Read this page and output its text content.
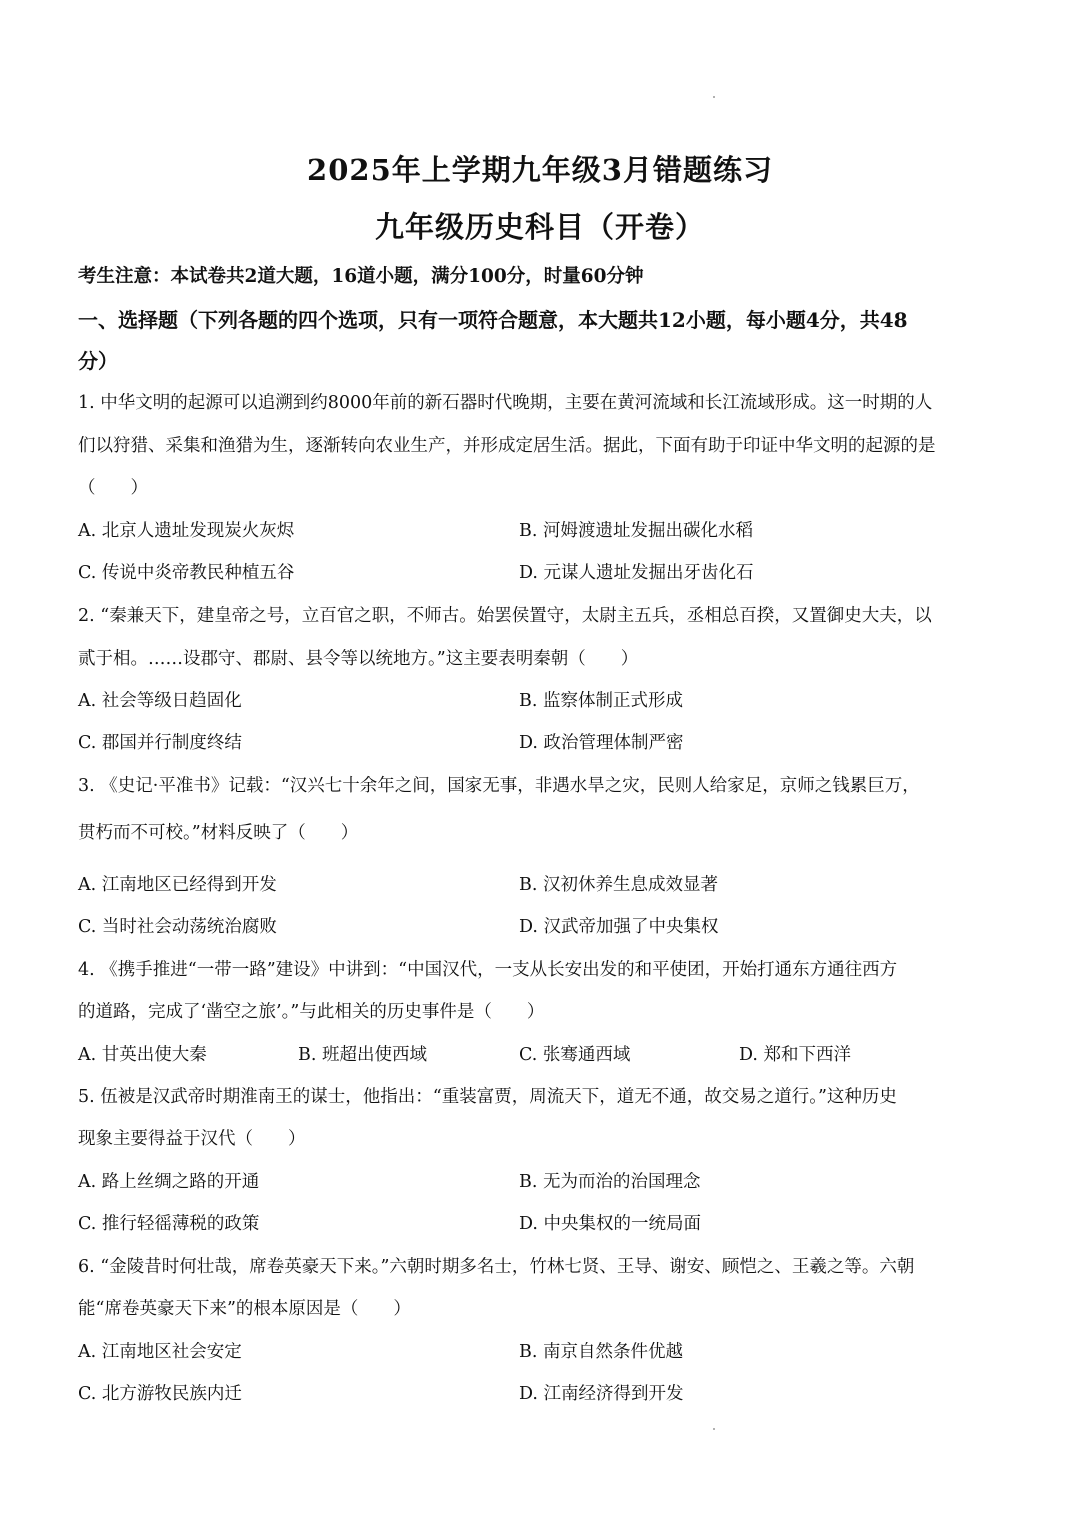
2025年上学期九年级3月错题练习
九年级历史科目（开卷）
考生注意：本试卷共2道大题，16道小题，满分100分，时量60分钟
一、选择题（下列各题的四个选项，只有一项符合题意，本大题共12小题，每小题4分，共48
分）
1. 中华文明的起源可以追溯到约8000年前的新石器时代晚期，主要在黄河流域和长江流域形成。这一时期的人
们以狩猎、采集和渔猎为生，逐渐转向农业生产，并形成定居生活。据此，下面有助于印证中华文明的起源的是
（　　）
A. 北京人遗址发现炭火灰烬	B. 河姆渡遗址发掘出碳化水稻
C. 传说中炎帝教民种植五谷	D. 元谋人遗址发掘出牙齿化石
2. “秦兼天下，建皇帝之号，立百官之职，不师古。始罢侯置守，太尉主五兵，丞相总百揆，又置御史大夫，以
贰于相。……设郡守、郡尉、县令等以统地方。”这主要表明秦朝（　　）
A. 社会等级日趋固化	B. 监察体制正式形成
C. 郡国并行制度终结	D. 政治管理体制严密
3. 《史记·平准书》记载：“汉兴七十余年之间，国家无事，非遇水旱之灾，民则人给家足，京师之钱累巨万，
贯朽而不可校。”材料反映了（　　）
A. 江南地区已经得到开发	B. 汉初休养生息成效显著
C. 当时社会动荡统治腐败	D. 汉武帝加强了中央集权
4. 《携手推进“一带一路”建设》中讲到：“中国汉代，一支从长安出发的和平使团，开始打通东方通往西方
的道路，完成了‘凿空之旅’。”与此相关的历史事件是（　　）
A. 甘英出使大秦	B. 班超出使西域	C. 张骞通西域	D. 郑和下西洋
5. 伍被是汉武帝时期淮南王的谋士，他指出：“重装富贾，周流天下，道无不通，故交易之道行。”这种历史
现象主要得益于汉代（　　）
A. 路上丝绸之路的开通	B. 无为而治的治国理念
C. 推行轻徭薄税的政策	D. 中央集权的一统局面
6. “金陵昔时何壮哉，席卷英豪天下来。”六朝时期多名士，竹林七贤、王导、谢安、顾恺之、王羲之等。六朝
能“席卷英豪天下来”的根本原因是（　　）
A. 江南地区社会安定	B. 南京自然条件优越
C. 北方游牧民族内迁	D. 江南经济得到开发
